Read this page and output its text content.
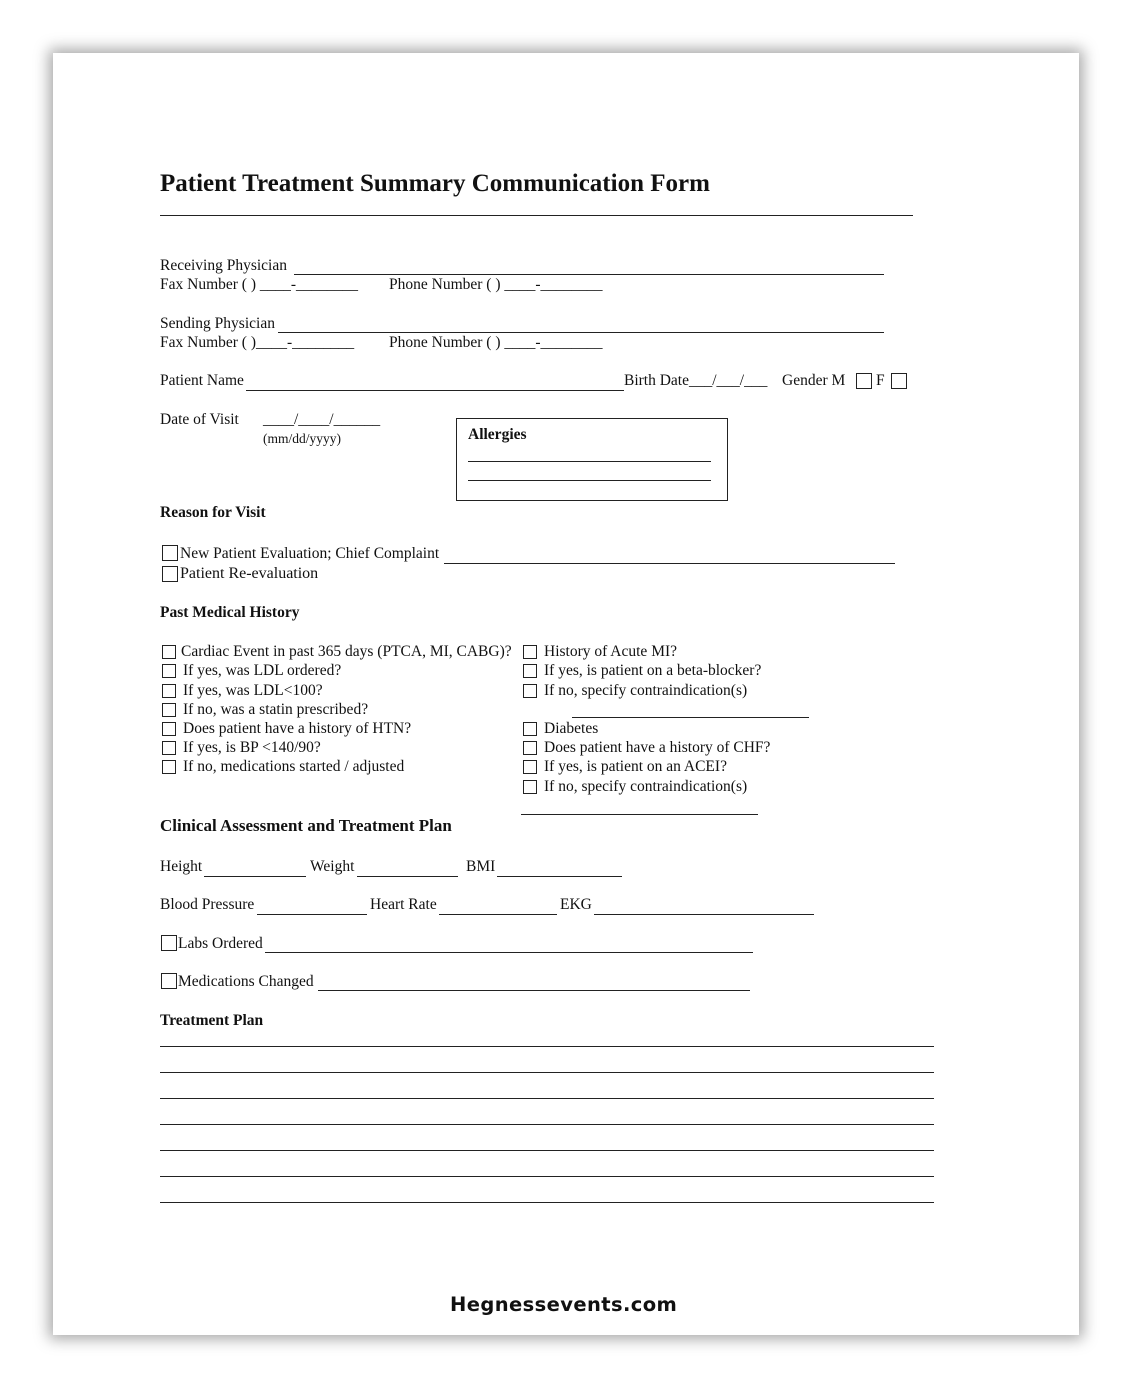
Patient Treatment Summary Communication Form
Receiving Physician
Fax Number ( ) ____-________ Phone Number ( ) ____-________
Sending Physician
Fax Number ( )____-________ Phone Number ( ) ____-________
Patient Name	Birth Date___/___/___ Gender M F
Date of Visit ____/____/______
(mm/dd/yyyy)	Allergies
Reason for Visit
New Patient Evaluation; Chief Complaint
Patient Re-evaluation
Past Medical History
Cardiac Event in past 365 days (PTCA, MI, CABG)?
If yes, was LDL ordered?
If yes, was LDL<100?
If no, was a statin prescribed?
Does patient have a history of HTN?
If yes, is BP <140/90?
If no, medications started / adjusted
History of Acute MI?
If yes, is patient on a beta-blocker?
If no, specify contraindication(s)
Diabetes
Does patient have a history of CHF?
If yes, is patient on an ACEI?
If no, specify contraindication(s)
Clinical Assessment and Treatment Plan
Height	Weight	BMI
Blood Pressure	Heart Rate	EKG
Labs Ordered
Medications Changed
Treatment Plan
Hegnessevents.com
